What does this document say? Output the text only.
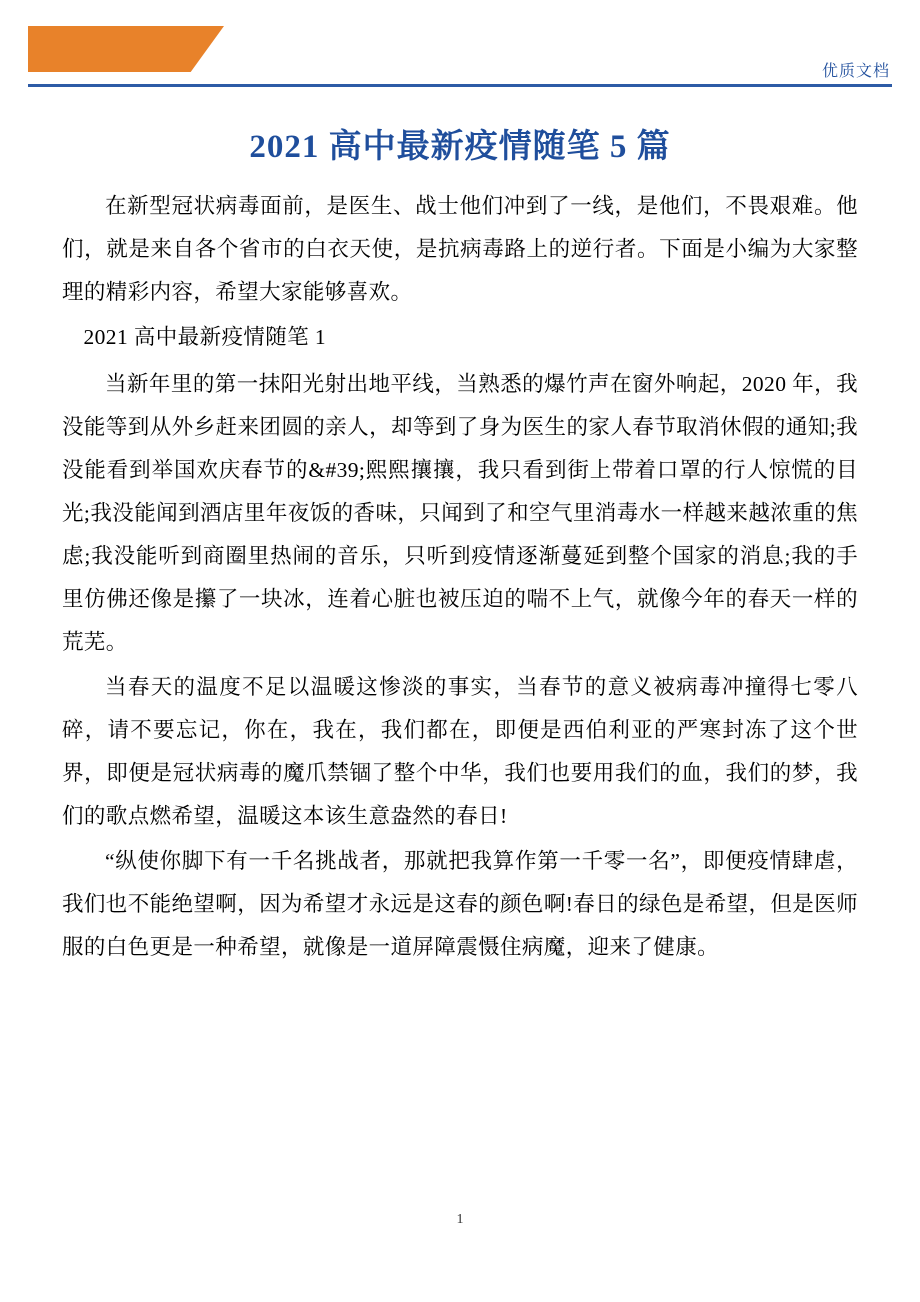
优质文档
2021 高中最新疫情随笔 5 篇

在新型冠状病毒面前，是医生、战士他们冲到了一线，是他们，不畏艰难。他们，就是来自各个省市的白衣天使，是抗病毒路上的逆行者。下面是小编为大家整理的精彩内容，希望大家能够喜欢。

2021 高中最新疫情随笔 1

当新年里的第一抹阳光射出地平线，当熟悉的爆竹声在窗外响起，2020 年，我没能等到从外乡赶来团圆的亲人，却等到了身为医生的家人春节取消休假的通知;我没能看到举国欢庆春节的&#39;熙熙攘攘，我只看到街上带着口罩的行人惊慌的目光;我没能闻到酒店里年夜饭的香味，只闻到了和空气里消毒水一样越来越浓重的焦虑;我没能听到商圈里热闹的音乐，只听到疫情逐渐蔓延到整个国家的消息;我的手里仿佛还像是攥了一块冰，连着心脏也被压迫的喘不上气，就像今年的春天一样的荒芜。

当春天的温度不足以温暖这惨淡的事实，当春节的意义被病毒冲撞得七零八碎，请不要忘记，你在，我在，我们都在，即便是西伯利亚的严寒封冻了这个世界，即便是冠状病毒的魔爪禁锢了整个中华，我们也要用我们的血，我们的梦，我们的歌点燃希望，温暖这本该生意盎然的春日!

“纵使你脚下有一千名挑战者，那就把我算作第一千零一名”，即便疫情肆虐，我们也不能绝望啊，因为希望才永远是这春的颜色啊!春日的绿色是希望，但是医师服的白色更是一种希望，就像是一道屏障震慑住病魔，迎来了健康。

1
